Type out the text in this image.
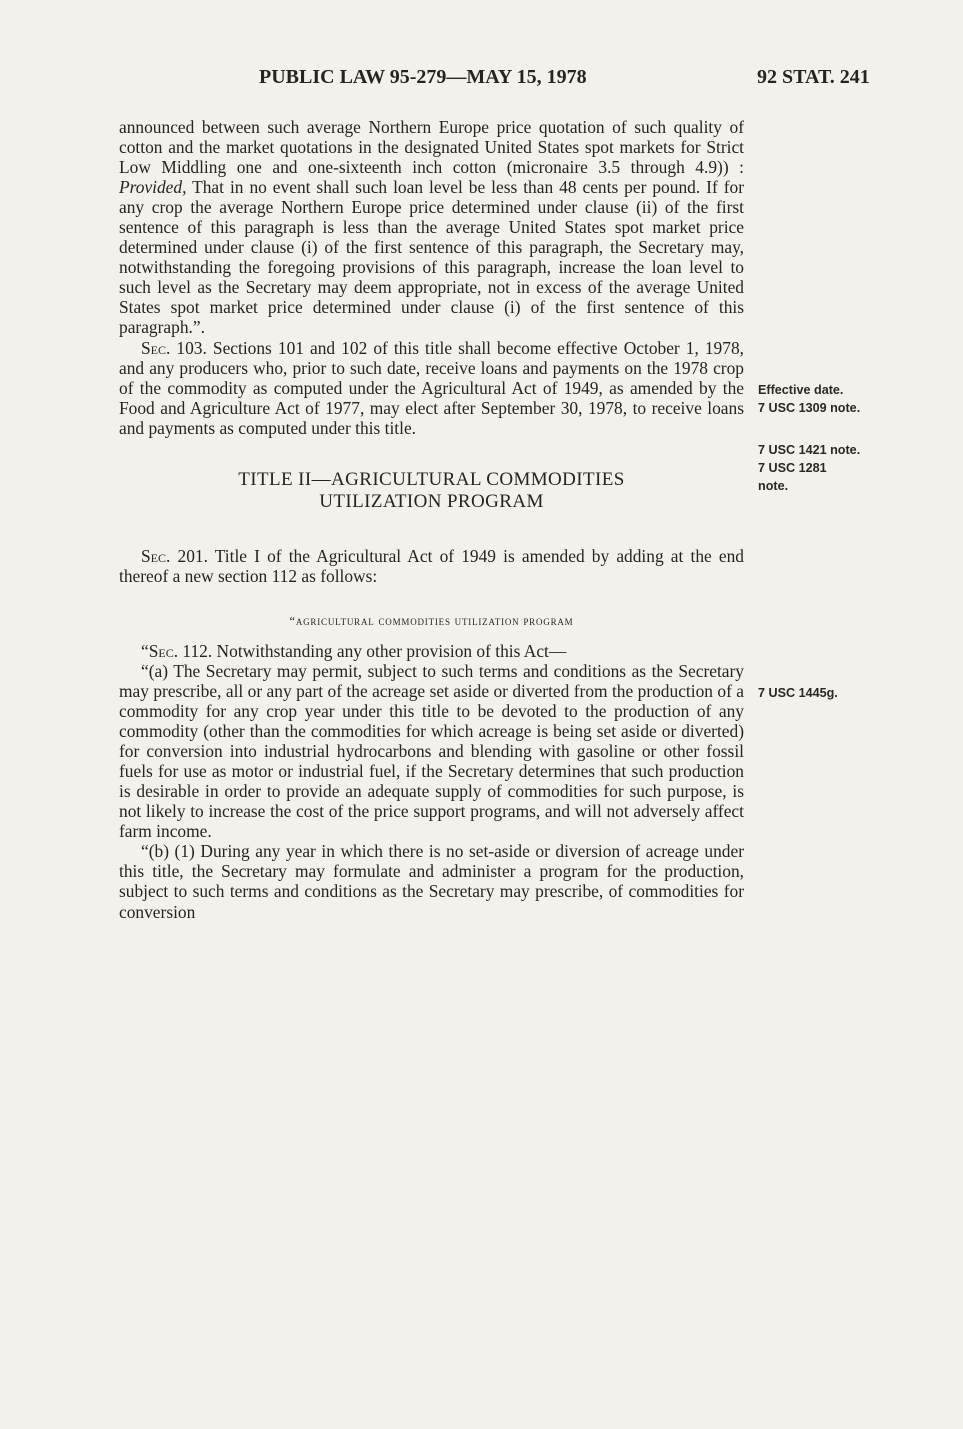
PUBLIC LAW 95-279—MAY 15, 1978	92 STAT. 241

announced between such average Northern Europe price quotation of such quality of cotton and the market quotations in the designated United States spot markets for Strict Low Middling one and one-sixteenth inch cotton (micronaire 3.5 through 4.9)) : Provided, That in no event shall such loan level be less than 48 cents per pound. If for any crop the average Northern Europe price determined under clause (ii) of the first sentence of this paragraph is less than the average United States spot market price determined under clause (i) of the first sentence of this paragraph, the Secretary may, notwithstanding the foregoing provisions of this paragraph, increase the loan level to such level as the Secretary may deem appropriate, not in excess of the average United States spot market price determined under clause (i) of the first sentence of this paragraph.”.

Sec. 103. Sections 101 and 102 of this title shall become effective October 1, 1978, and any producers who, prior to such date, receive loans and payments on the 1978 crop of the commodity as computed under the Agricultural Act of 1949, as amended by the Food and Agriculture Act of 1977, may elect after September 30, 1978, to receive loans and payments as computed under this title.

TITLE II—AGRICULTURAL COMMODITIES
UTILIZATION PROGRAM

Sec. 201. Title I of the Agricultural Act of 1949 is amended by adding at the end thereof a new section 112 as follows:

“agricultural commodities utilization program

“Sec. 112. Notwithstanding any other provision of this Act—

“(a) The Secretary may permit, subject to such terms and conditions as the Secretary may prescribe, all or any part of the acreage set aside or diverted from the production of a commodity for any crop year under this title to be devoted to the production of any commodity (other than the commodities for which acreage is being set aside or diverted) for conversion into industrial hydrocarbons and blending with gasoline or other fossil fuels for use as motor or industrial fuel, if the Secretary determines that such production is desirable in order to provide an adequate supply of commodities for such purpose, is not likely to increase the cost of the price support programs, and will not adversely affect farm income.

“(b) (1) During any year in which there is no set-aside or diversion of acreage under this title, the Secretary may formulate and administer a program for the production, subject to such terms and conditions as the Secretary may prescribe, of commodities for conversion

Effective date.
7 USC 1309 note.
7 USC 1421 note.
7 USC 1281
note.
7 USC 1445g.
